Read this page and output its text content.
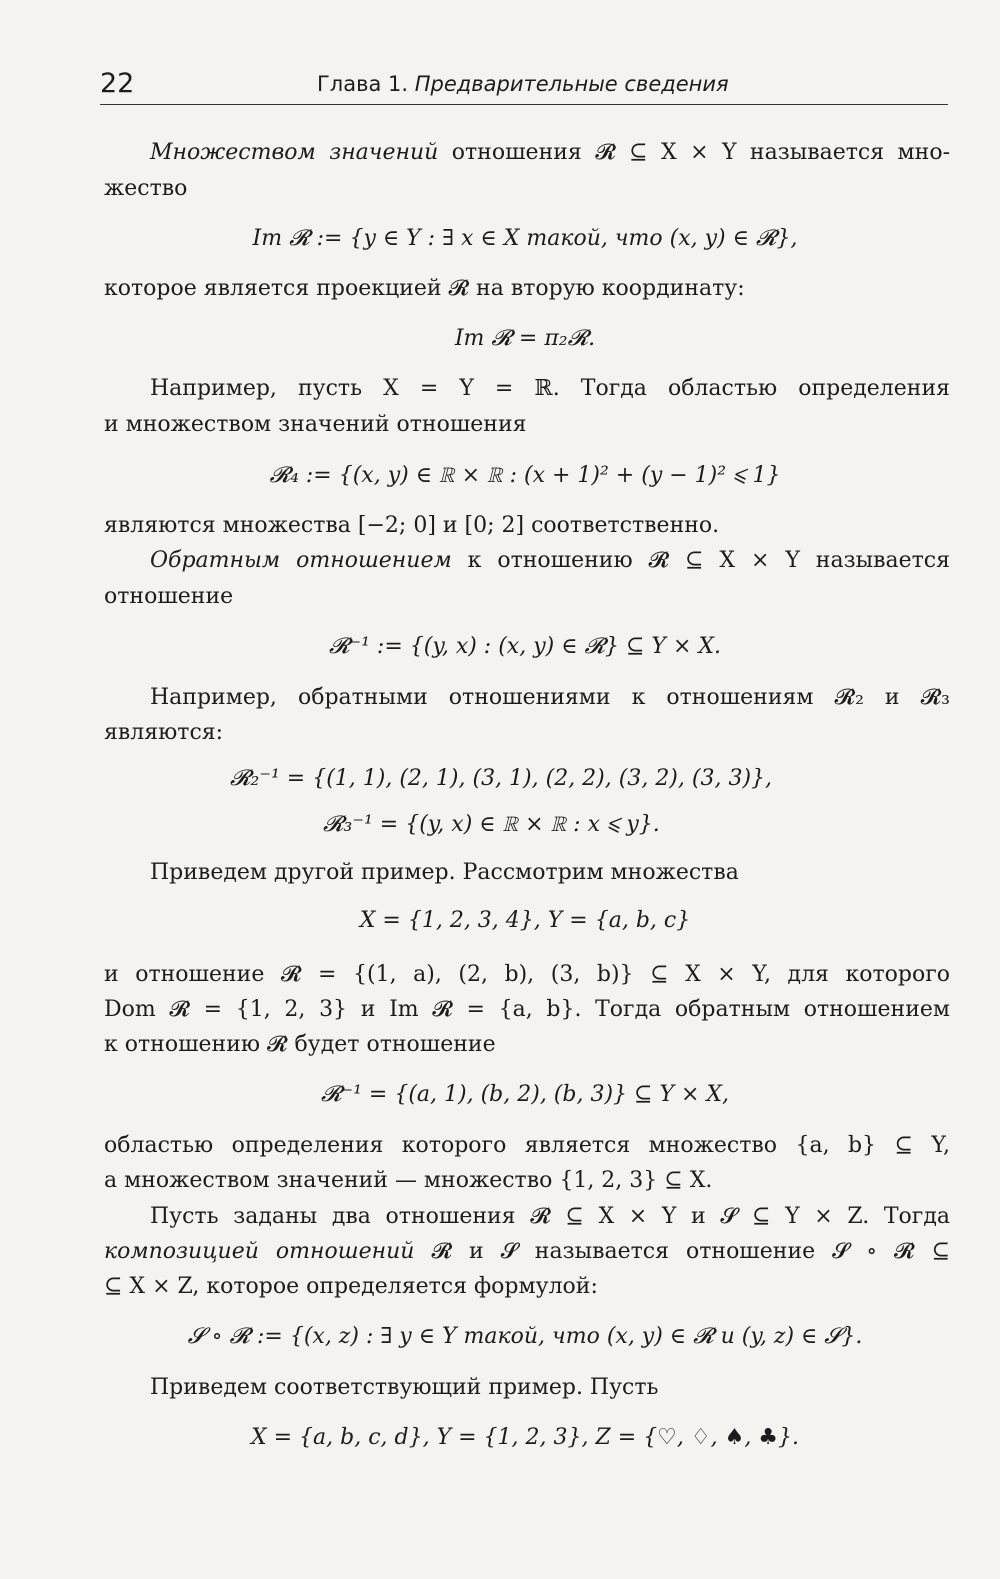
22	Глава 1. Предварительные сведения
Множеством значений отношения 𝓡 ⊆ X × Y называется мно-
жество
Im 𝓡 := {y ∈ Y : ∃ x ∈ X такой, что (x, y) ∈ 𝓡},
которое является проекцией 𝓡 на вторую координату:
Im 𝓡 = π₂𝓡.
Например, пусть X = Y = ℝ. Тогда областью определения
и множеством значений отношения
𝓡₄ := {(x, y) ∈ ℝ × ℝ : (x + 1)² + (y − 1)² ⩽ 1}
являются множества [−2; 0] и [0; 2] соответственно.
Обратным отношением к отношению 𝓡 ⊆ X × Y называется
отношение
𝓡⁻¹ := {(y, x) : (x, y) ∈ 𝓡} ⊆ Y × X.
Например, обратными отношениями к отношениям 𝓡₂ и 𝓡₃
являются:
𝓡₂⁻¹ = {(1, 1), (2, 1), (3, 1), (2, 2), (3, 2), (3, 3)},
𝓡₃⁻¹ = {(y, x) ∈ ℝ × ℝ : x ⩽ y}.
Приведем другой пример. Рассмотрим множества
X = {1, 2, 3, 4}, Y = {a, b, c}
и отношение 𝓡 = {(1, a), (2, b), (3, b)} ⊆ X × Y, для которого
Dom 𝓡 = {1, 2, 3} и Im 𝓡 = {a, b}. Тогда обратным отношением
к отношению 𝓡 будет отношение
𝓡⁻¹ = {(a, 1), (b, 2), (b, 3)} ⊆ Y × X,
областью определения которого является множество {a, b} ⊆ Y,
а множеством значений — множество {1, 2, 3} ⊆ X.
Пусть заданы два отношения 𝓡 ⊆ X × Y и 𝓢 ⊆ Y × Z. Тогда
композицией отношений 𝓡 и 𝓢 называется отношение 𝓢 ∘ 𝓡 ⊆
⊆ X × Z, которое определяется формулой:
𝓢 ∘ 𝓡 := {(x, z) : ∃ y ∈ Y такой, что (x, y) ∈ 𝓡 и (y, z) ∈ 𝓢}.
Приведем соответствующий пример. Пусть
X = {a, b, c, d}, Y = {1, 2, 3}, Z = {♡, ♢, ♠, ♣}.
